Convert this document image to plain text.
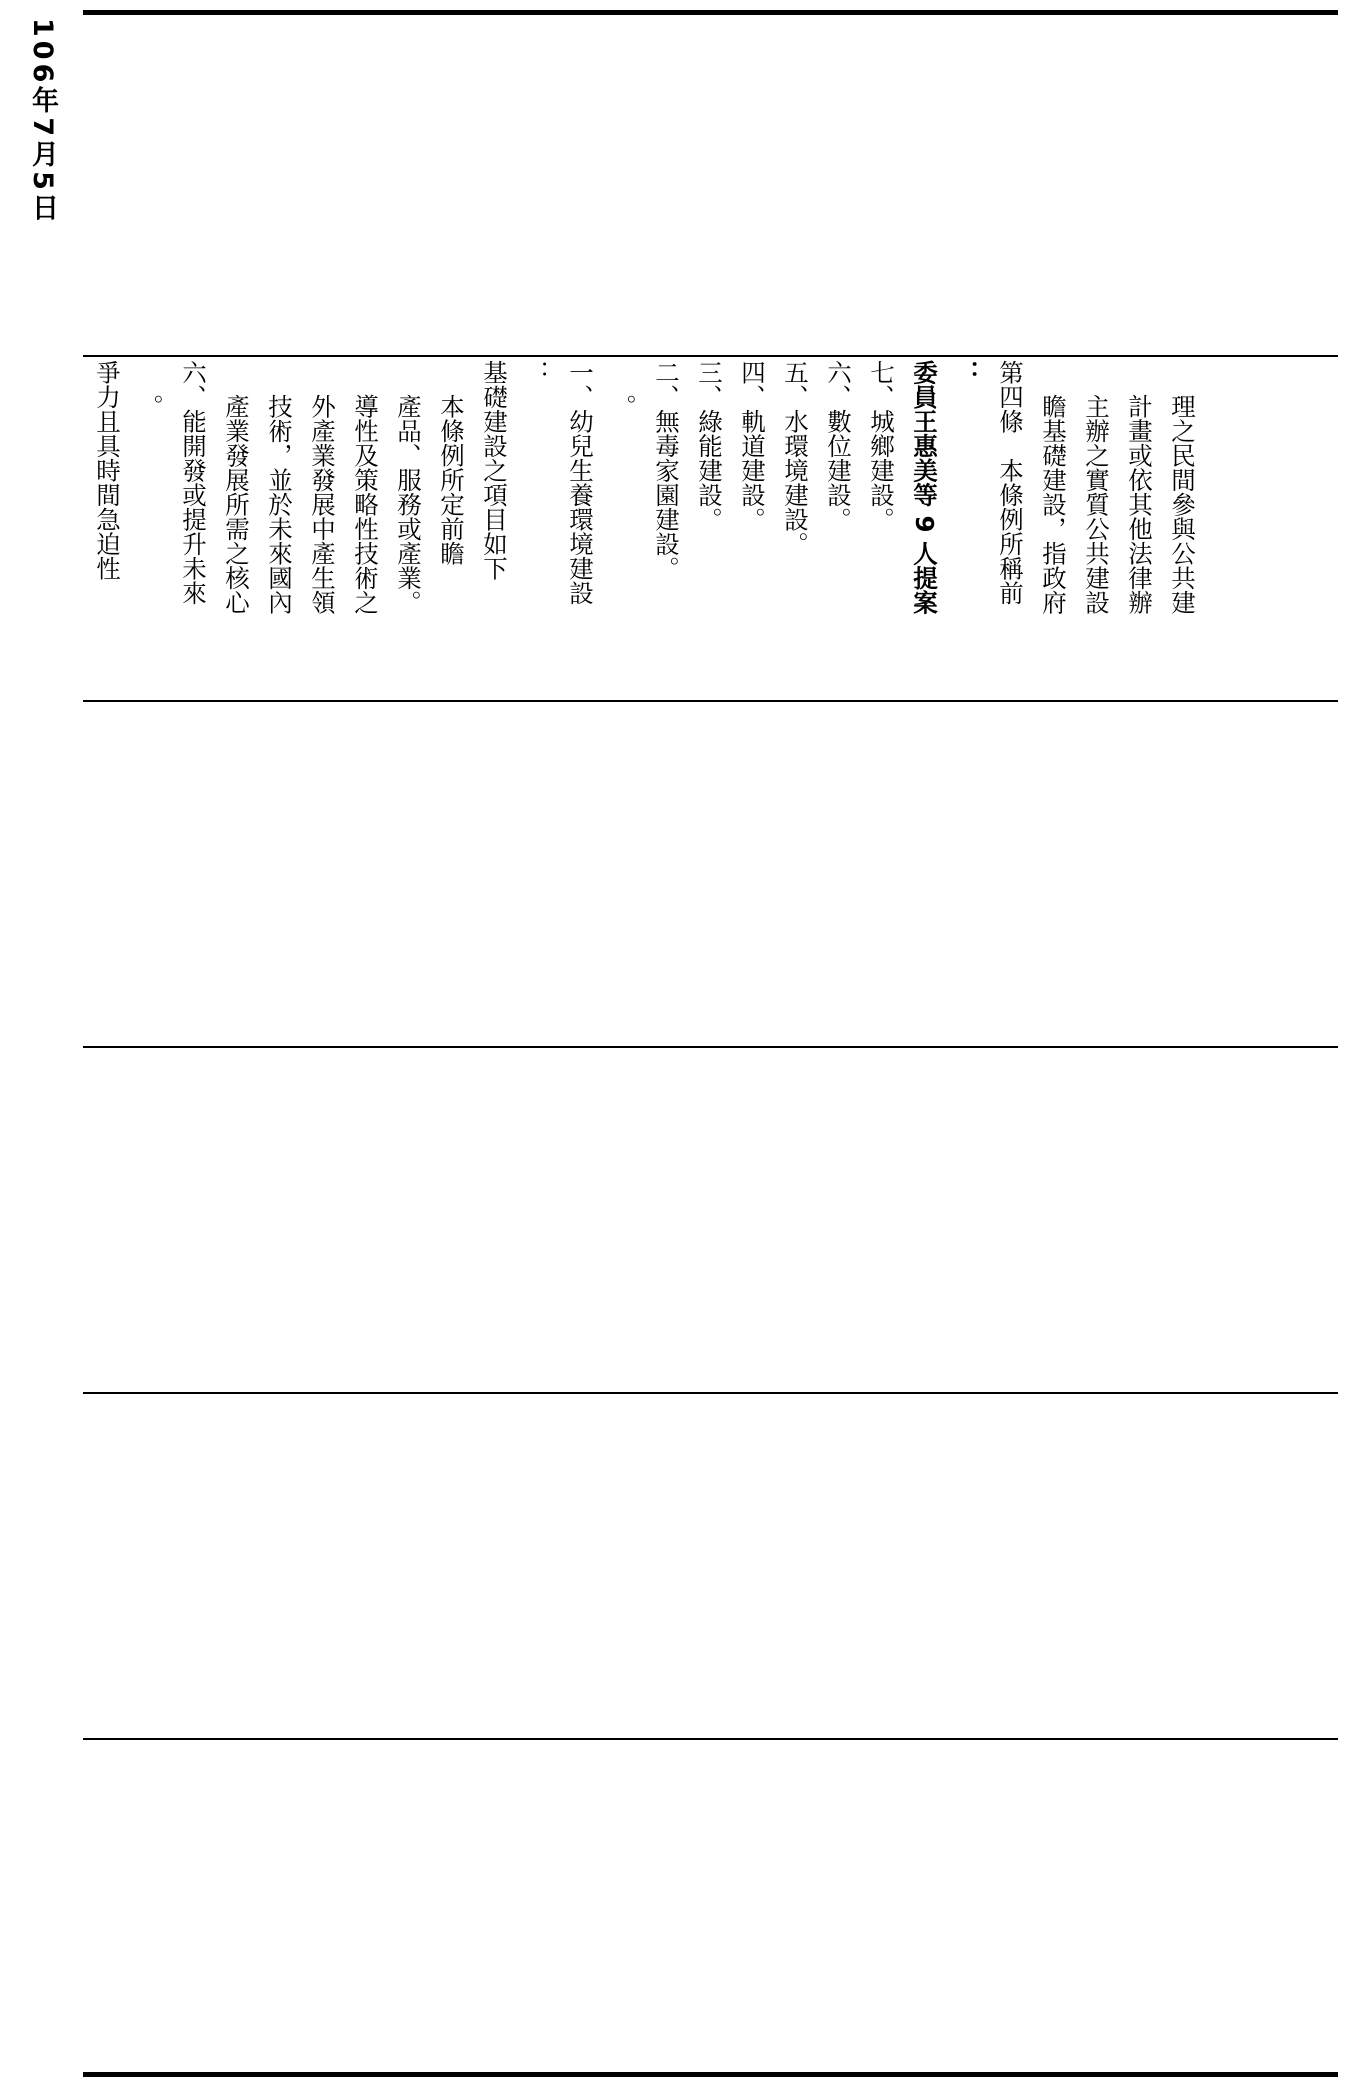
106年7月5日
爭力且具時間急迫性 。 六、能開發或提升未來 產業發展所需之核心 技術，並於未來國內 外產業發展中產生領 導性及策略性技術之 產品、服務或產業。 本條例所定前瞻 基礎建設之項目如下 ： 一、幼兒生養環境建設 。 二、無毒家園建設。 三、綠能建設。 四、軌道建設。 五、水環境建設。 六、數位建設。 七、城鄉建設。 委員王惠美等 9 人提案 ： 第四條　本條例所稱前 瞻基礎建設，指政府 主辦之實質公共建設 計畫或依其他法律辦 理之民間參與公共建
